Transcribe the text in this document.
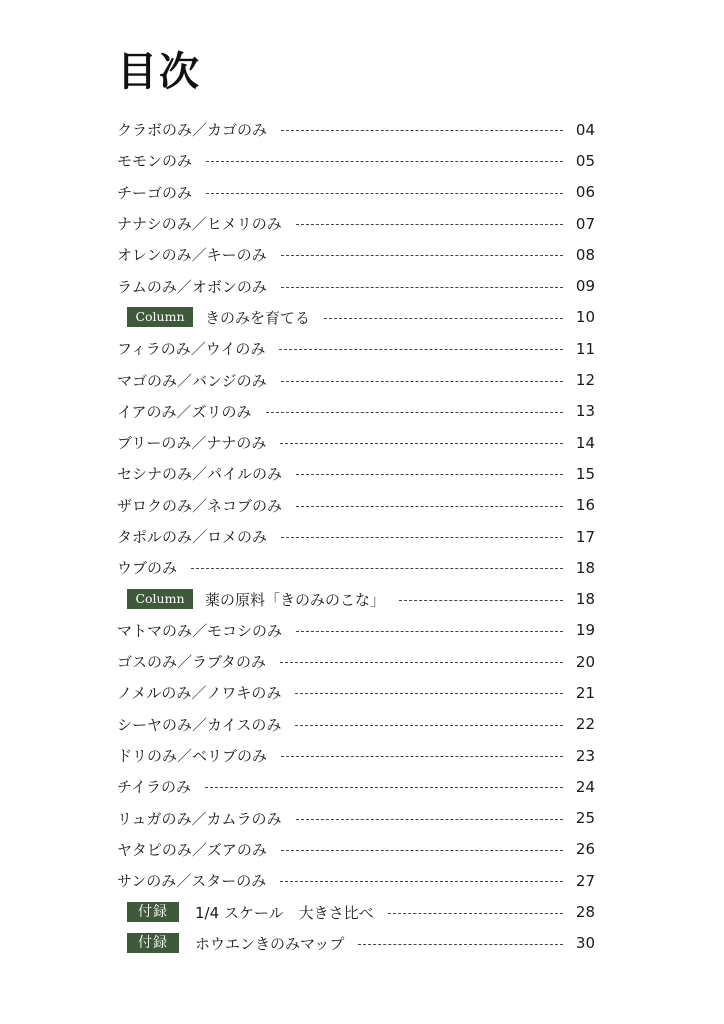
目次
クラボのみ／カゴのみ	04
モモンのみ	05
チーゴのみ	06
ナナシのみ／ヒメリのみ	07
オレンのみ／キーのみ	08
ラムのみ／オボンのみ	09
Column	きのみを育てる	10
フィラのみ／ウイのみ	11
マゴのみ／バンジのみ	12
イアのみ／ズリのみ	13
ブリーのみ／ナナのみ	14
セシナのみ／パイルのみ	15
ザロクのみ／ネコブのみ	16
タポルのみ／ロメのみ	17
ウブのみ	18
Column	薬の原料「きのみのこな」	18
マトマのみ／モコシのみ	19
ゴスのみ／ラブタのみ	20
ノメルのみ／ノワキのみ	21
シーヤのみ／カイスのみ	22
ドリのみ／ベリブのみ	23
チイラのみ	24
リュガのみ／カムラのみ	25
ヤタピのみ／ズアのみ	26
サンのみ／スターのみ	27
付録	1/4 スケール　大きさ比べ	28
付録	ホウエンきのみマップ	30
